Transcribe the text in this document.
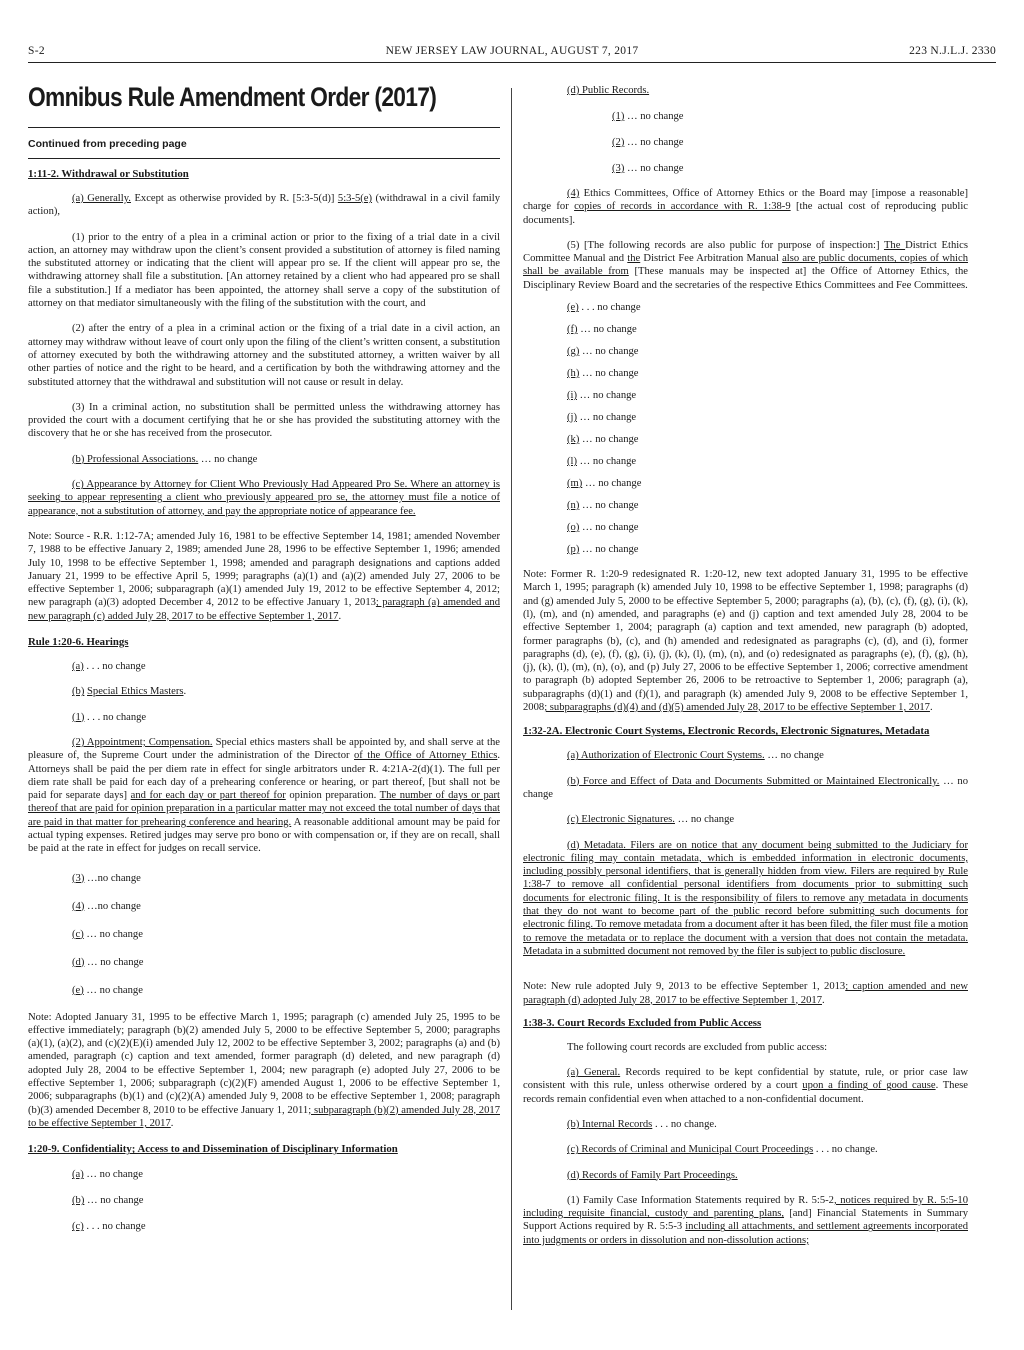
S-2	NEW JERSEY LAW JOURNAL, AUGUST 7, 2017	223 N.J.L.J. 2330
Omnibus Rule Amendment Order (2017)
Continued from preceding page
1:11-2. Withdrawal or Substitution

(a) Generally. Except as otherwise provided by R. [5:3-5(d)] 5:3-5(e) (withdrawal in a civil family action),

(1) prior to the entry of a plea in a criminal action or prior to the fixing of a trial date in a civil action, an attorney may withdraw upon the client’s consent provided a substitution of attorney is filed naming the substituted attorney or indicating that the client will appear pro se. If the client will appear pro se, the withdrawing attorney shall file a substitution. [An attorney retained by a client who had appeared pro se shall file a substitution.] If a mediator has been appointed, the attorney shall serve a copy of the substitution of attorney on that mediator simultaneously with the filing of the substitution with the court, and

(2) after the entry of a plea in a criminal action or the fixing of a trial date in a civil action, an attorney may withdraw without leave of court only upon the filing of the client’s written consent, a substitution of attorney executed by both the withdrawing attorney and the substituted attorney, a written waiver by all other parties of notice and the right to be heard, and a certification by both the withdrawing attorney and the substituted attorney that the withdrawal and substitution will not cause or result in delay.

(3) In a criminal action, no substitution shall be permitted unless the withdrawing attorney has provided the court with a document certifying that he or she has provided the substituting attorney with the discovery that he or she has received from the prosecutor.

(b) Professional Associations. … no change

(c) Appearance by Attorney for Client Who Previously Had Appeared Pro Se. Where an attorney is seeking to appear representing a client who previously appeared pro se, the attorney must file a notice of appearance, not a substitution of attorney, and pay the appropriate notice of appearance fee.

Note: Source - R.R. 1:12-7A; amended July 16, 1981 to be effective September 14, 1981; amended November 7, 1988 to be effective January 2, 1989; amended June 28, 1996 to be effective September 1, 1996; amended July 10, 1998 to be effective September 1, 1998; amended and paragraph designations and captions added January 21, 1999 to be effective April 5, 1999; paragraphs (a)(1) and (a)(2) amended July 27, 2006 to be effective September 1, 2006; subparagraph (a)(1) amended July 19, 2012 to be effective September 4, 2012; new paragraph (a)(3) adopted December 4, 2012 to be effective January 1, 2013; paragraph (a) amended and new paragraph (c) added July 28, 2017 to be effective September 1, 2017.

Rule 1:20-6. Hearings

(a) . . . no change

(b) Special Ethics Masters.

(1) . . . no change

(2) Appointment; Compensation. Special ethics masters shall be appointed by, and shall serve at the pleasure of, the Supreme Court under the administration of the Director of the Office of Attorney Ethics. Attorneys shall be paid the per diem rate in effect for single arbitrators under R. 4:21A-2(d)(1). The full per diem rate shall be paid for each day of a prehearing conference or hearing, or part thereof, [but shall not be paid for separate days] and for each day or part thereof for opinion preparation. The number of days or part thereof that are paid for opinion preparation in a particular matter may not exceed the total number of days that are paid in that matter for prehearing conference and hearing. A reasonable additional amount may be paid for actual typing expenses. Retired judges may serve pro bono or with compensation or, if they are on recall, shall be paid at the rate in effect for judges on recall service.

(3) …no change
(4) …no change
(c) … no change
(d) … no change
(e) … no change

Note: Adopted January 31, 1995 to be effective March 1, 1995; paragraph (c) amended July 25, 1995 to be effective immediately; paragraph (b)(2) amended July 5, 2000 to be effective September 5, 2000; paragraphs (a)(1), (a)(2), and (c)(2)(E)(i) amended July 12, 2002 to be effective September 3, 2002; paragraphs (a) and (b) amended, paragraph (c) caption and text amended, former paragraph (d) deleted, and new paragraph (d) adopted July 28, 2004 to be effective September 1, 2004; new paragraph (e) adopted July 27, 2006 to be effective September 1, 2006; subparagraph (c)(2)(F) amended August 1, 2006 to be effective September 1, 2006; subparagraphs (b)(1) and (c)(2)(A) amended July 9, 2008 to be effective September 1, 2008; paragraph (b)(3) amended December 8, 2010 to be effective January 1, 2011; subparagraph (b)(2) amended July 28, 2017 to be effective September 1, 2017.

1:20-9. Confidentiality; Access to and Dissemination of Disciplinary Information
(a) … no change
(b) … no change
(c) . . . no change
(d) Public Records.
(1) … no change
(2) … no change
(3) … no change

(4) Ethics Committees, Office of Attorney Ethics or the Board may [impose a reasonable] charge for copies of records in accordance with R. 1:38-9 [the actual cost of reproducing public documents].

(5) [The following records are also public for purpose of inspection:] The District Ethics Committee Manual and the District Fee Arbitration Manual also are public documents, copies of which shall be available from [These manuals may be inspected at] the Office of Attorney Ethics, the Disciplinary Review Board and the secretaries of the respective Ethics Committees and Fee Committees.

(e) . . . no change
(f) … no change
(g) … no change
(h) … no change
(i) … no change
(j) … no change
(k) … no change
(l) … no change
(m) … no change
(n) … no change
(o) … no change
(p) … no change

Note: Former R. 1:20-9 redesignated R. 1:20-12, new text adopted January 31, 1995 to be effective March 1, 1995; paragraph (k) amended July 10, 1998 to be effective September 1, 1998; paragraphs (d) and (g) amended July 5, 2000 to be effective September 5, 2000; paragraphs (a), (b), (c), (f), (g), (i), (k), (l), (m), and (n) amended, and paragraphs (e) and (j) caption and text amended July 28, 2004 to be effective September 1, 2004; paragraph (a) caption and text amended, new paragraph (b) adopted, former paragraphs (b), (c), and (h) amended and redesignated as paragraphs (c), (d), and (i), former paragraphs (d), (e), (f), (g), (i), (j), (k), (l), (m), (n), and (o) redesignated as paragraphs (e), (f), (g), (h), (j), (k), (l), (m), (n), (o), and (p) July 27, 2006 to be effective September 1, 2006; corrective amendment to paragraph (b) adopted September 26, 2006 to be retroactive to September 1, 2006; paragraph (a), subparagraphs (d)(1) and (f)(1), and paragraph (k) amended July 9, 2008 to be effective September 1, 2008; subparagraphs (d)(4) and (d)(5) amended July 28, 2017 to be effective September 1, 2017.

1:32-2A. Electronic Court Systems, Electronic Records, Electronic Signatures, Metadata

(a) Authorization of Electronic Court Systems. … no change

(b) Force and Effect of Data and Documents Submitted or Maintained Electronically. … no change

(c) Electronic Signatures. … no change

(d) Metadata. Filers are on notice that any document being submitted to the Judiciary for electronic filing may contain metadata, which is embedded information in electronic documents, including possibly personal identifiers, that is generally hidden from view. Filers are required by Rule 1:38-7 to remove all confidential personal identifiers from documents prior to submitting such documents for electronic filing. It is the responsibility of filers to remove any metadata in documents that they do not want to become part of the public record before submitting such documents for electronic filing. To remove metadata from a document after it has been filed, the filer must file a motion to remove the metadata or to replace the document with a version that does not contain the metadata. Metadata in a submitted document not removed by the filer is subject to public disclosure.

Note: New rule adopted July 9, 2013 to be effective September 1, 2013; caption amended and new paragraph (d) adopted July 28, 2017 to be effective September 1, 2017.

1:38-3. Court Records Excluded from Public Access

The following court records are excluded from public access:

(a) General. Records required to be kept confidential by statute, rule, or prior case law consistent with this rule, unless otherwise ordered by a court upon a finding of good cause. These records remain confidential even when attached to a non-confidential document.

(b) Internal Records . . . no change.

(c) Records of Criminal and Municipal Court Proceedings . . . no change.

(d) Records of Family Part Proceedings.

(1) Family Case Information Statements required by R. 5:5-2, notices required by R. 5:5-10 including requisite financial, custody and parenting plans, [and] Financial Statements in Summary Support Actions required by R. 5:5-3 including all attachments, and settlement agreements incorporated into judgments or orders in dissolution and non-dissolution actions;
